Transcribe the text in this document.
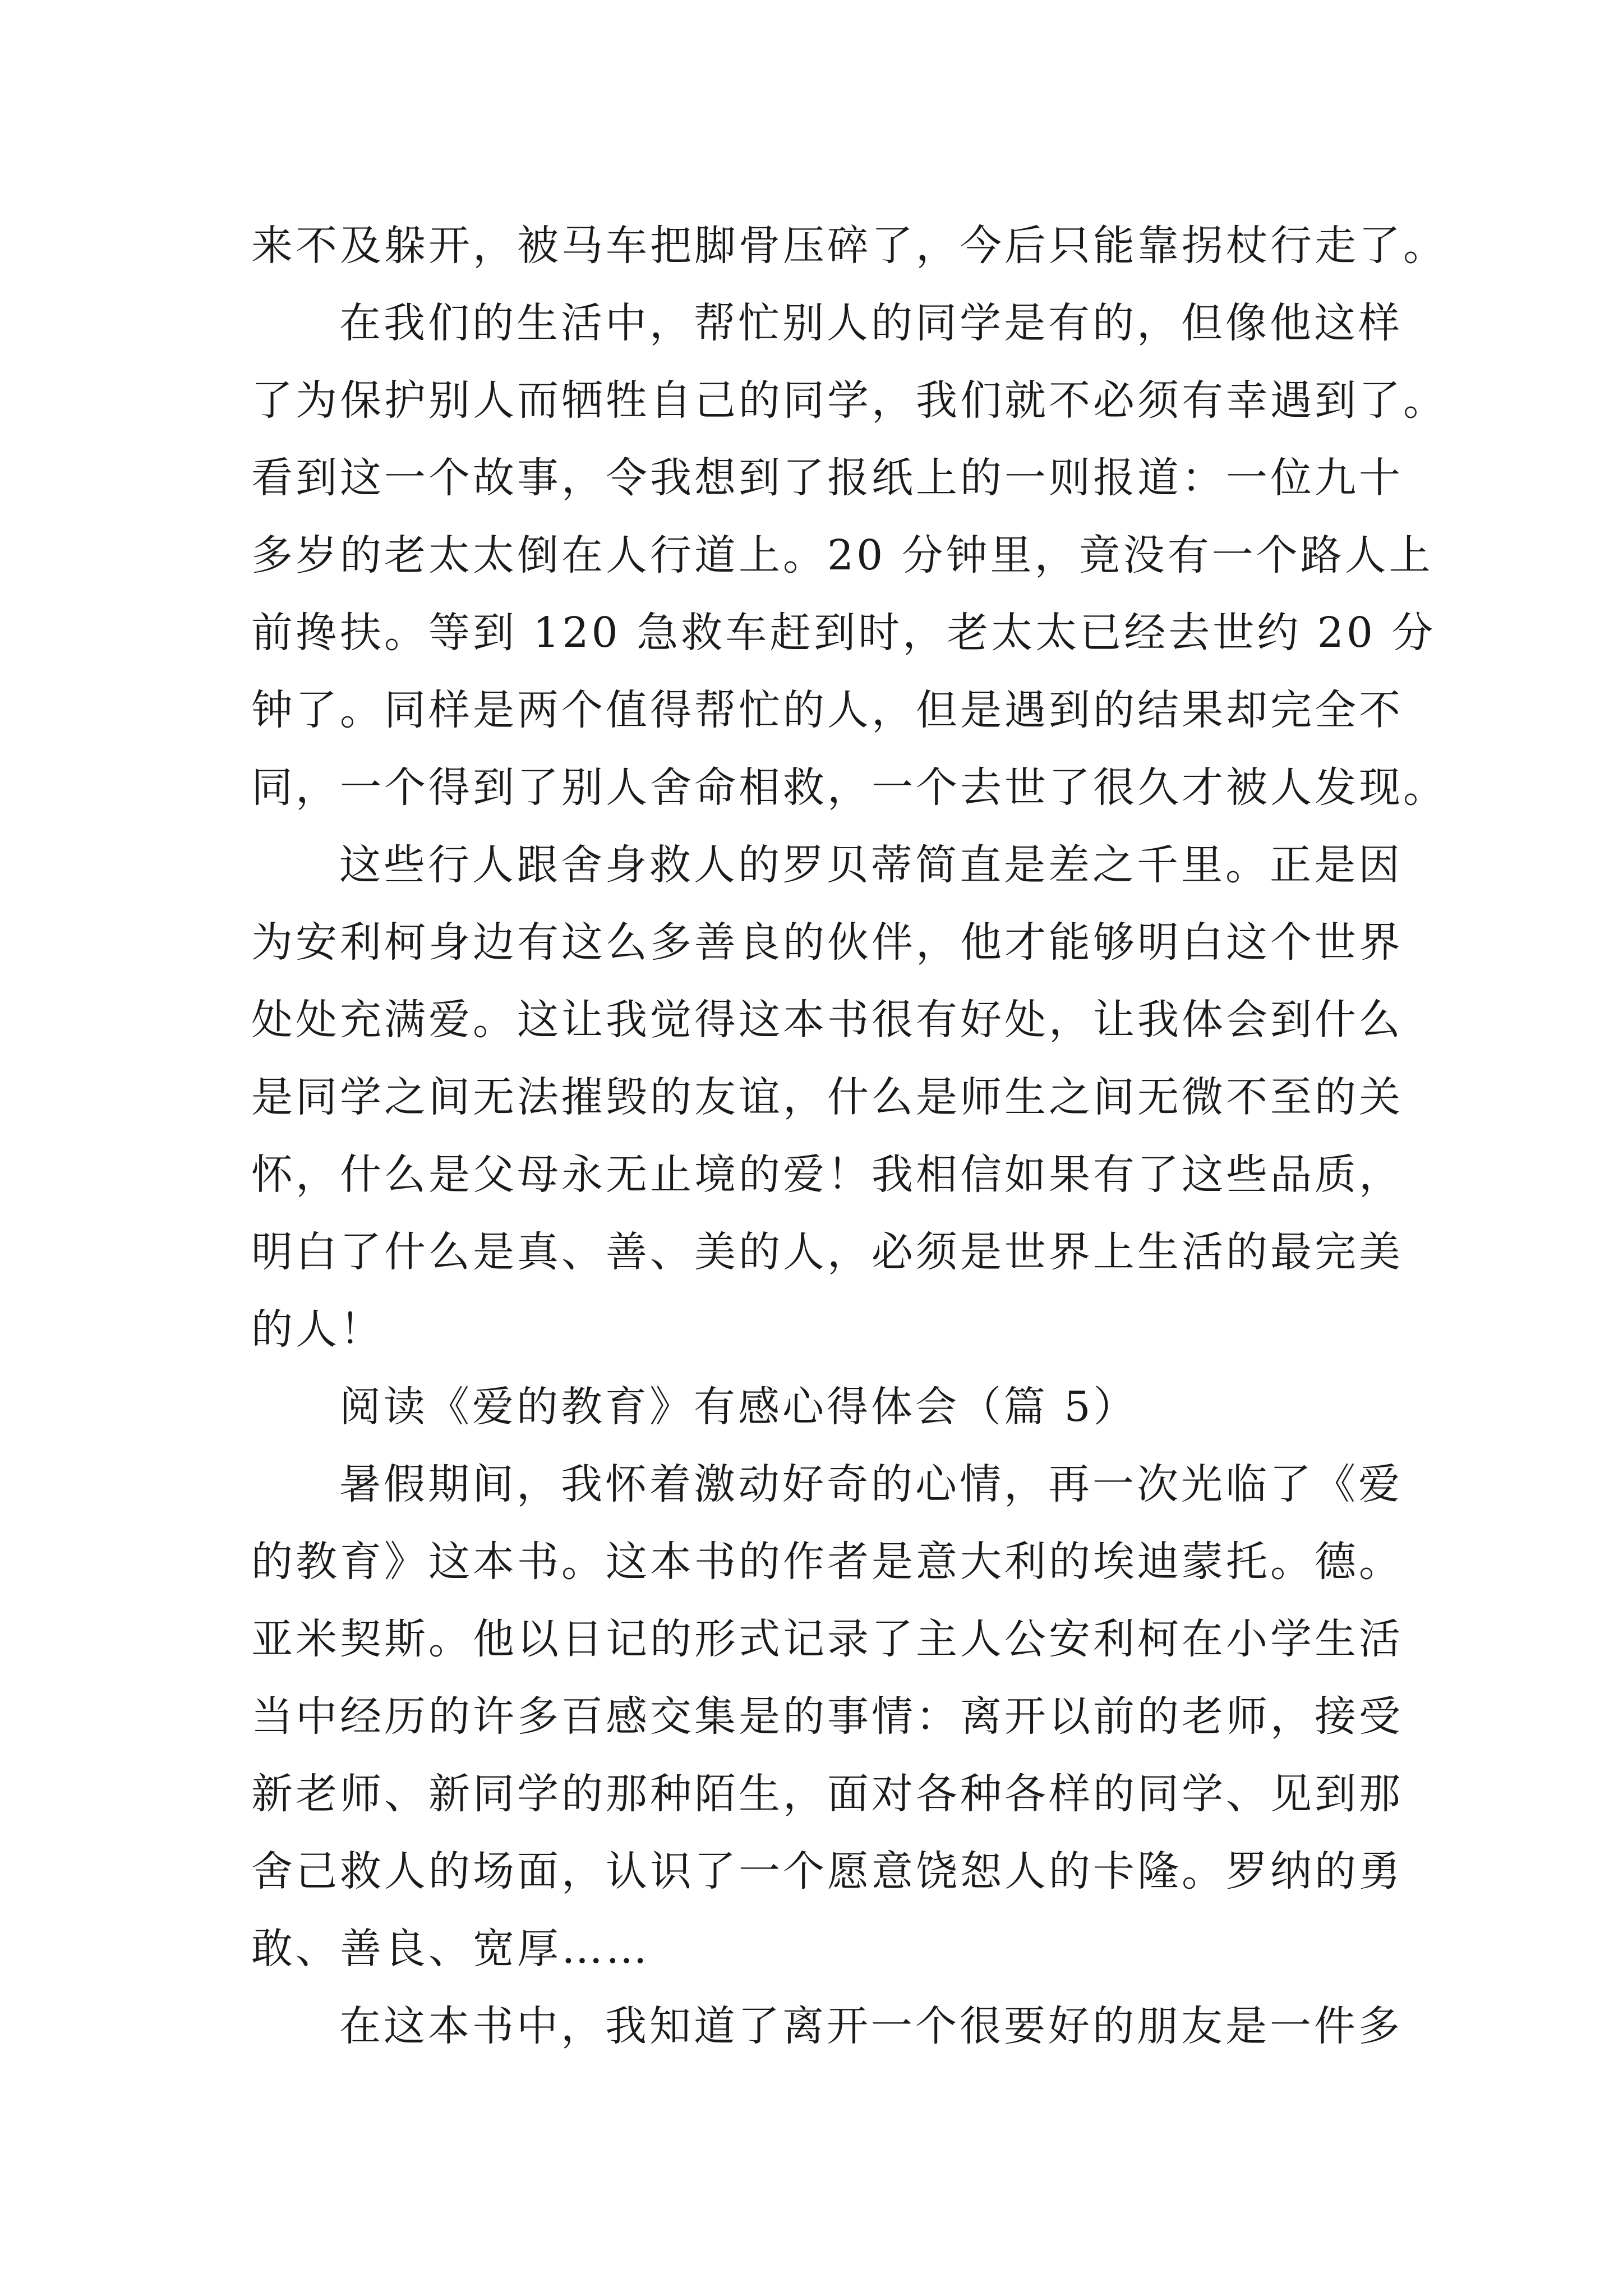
来不及躲开，被马车把脚骨压碎了，今后只能靠拐杖行走了。
在我们的生活中，帮忙别人的同学是有的，但像他这样
了为保护别人而牺牲自己的同学，我们就不必须有幸遇到了。
看到这一个故事，令我想到了报纸上的一则报道：一位九十
多岁的老太太倒在人行道上。20 分钟里，竟没有一个路人上
前搀扶。等到 120 急救车赶到时，老太太已经去世约 20 分
钟了。同样是两个值得帮忙的人，但是遇到的结果却完全不
同，一个得到了别人舍命相救，一个去世了很久才被人发现。
这些行人跟舍身救人的罗贝蒂简直是差之千里。正是因
为安利柯身边有这么多善良的伙伴，他才能够明白这个世界
处处充满爱。这让我觉得这本书很有好处，让我体会到什么
是同学之间无法摧毁的友谊，什么是师生之间无微不至的关
怀，什么是父母永无止境的爱！我相信如果有了这些品质，
明白了什么是真、善、美的人，必须是世界上生活的最完美
的人！
阅读《爱的教育》有感心得体会（篇 5）
暑假期间，我怀着激动好奇的心情，再一次光临了《爱
的教育》这本书。这本书的作者是意大利的埃迪蒙托。德。
亚米契斯。他以日记的形式记录了主人公安利柯在小学生活
当中经历的许多百感交集是的事情：离开以前的老师，接受
新老师、新同学的那种陌生，面对各种各样的同学、见到那
舍己救人的场面，认识了一个愿意饶恕人的卡隆。罗纳的勇
敢、善良、宽厚……
在这本书中，我知道了离开一个很要好的朋友是一件多
